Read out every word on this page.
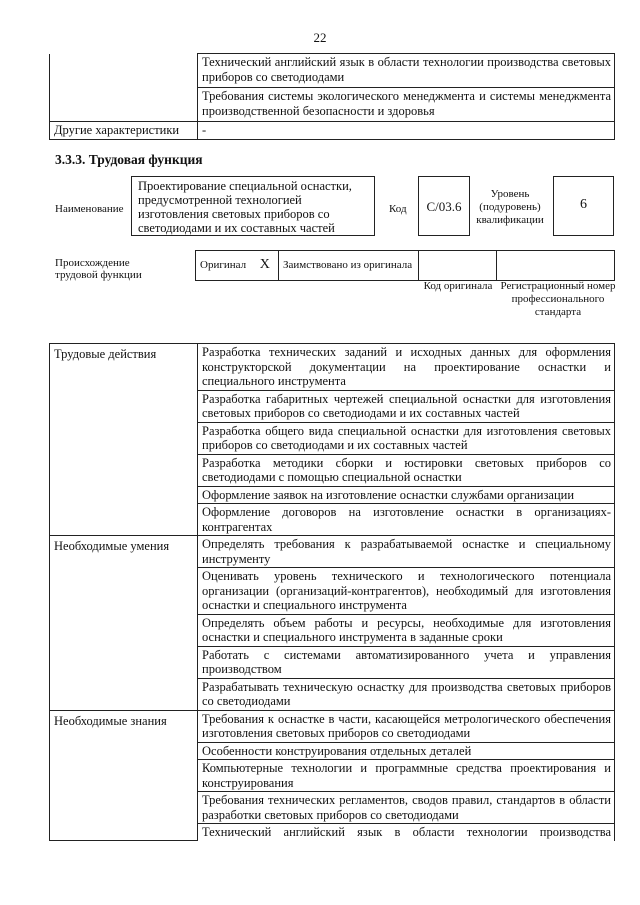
22
	Технический английский язык в области технологии производства световых приборов со светодиодами
	Требования системы экологического менеджмента и системы менеджмента производственной безопасности и здоровья
Другие характеристики	-
3.3.3. Трудовая функция
Наименование
Проектирование специальной оснастки, предусмотренной технологией изготовления световых приборов со светодиодами и их составных частей
Код	C/03.6
Уровень (подуровень) квалификации
6
Происхождение трудовой функции
Оригинал	X	Заимствовано из оригинала		
Код оригинала Регистрационный номер профессионального стандарта
Трудовые действия	Разработка технических заданий и исходных данных для оформления конструкторской документации на проектирование оснастки и специального инструмента
	Разработка габаритных чертежей специальной оснастки для изготовления световых приборов со светодиодами и их составных частей
	Разработка общего вида специальной оснастки для изготовления световых приборов со светодиодами и их составных частей
	Разработка методики сборки и юстировки световых приборов со светодиодами с помощью специальной оснастки
	Оформление заявок на изготовление оснастки службами организации
	Оформление договоров на изготовление оснастки в организациях-контрагентах
Необходимые умения	Определять требования к разрабатываемой оснастке и специальному инструменту
	Оценивать уровень технического и технологического потенциала организации (организаций-контрагентов), необходимый для изготовления оснастки и специального инструмента
	Определять объем работы и ресурсы, необходимые для изготовления оснастки и специального инструмента в заданные сроки
	Работать с системами автоматизированного учета и управления производством
	Разрабатывать техническую оснастку для производства световых приборов со светодиодами
Необходимые знания	Требования к оснастке в части, касающейся метрологического обеспечения изготовления световых приборов со светодиодами
	Особенности конструирования отдельных деталей
	Компьютерные технологии и программные средства проектирования и конструирования
	Требования технических регламентов, сводов правил, стандартов в области разработки световых приборов со светодиодами
	Технический английский язык в области технологии производства
